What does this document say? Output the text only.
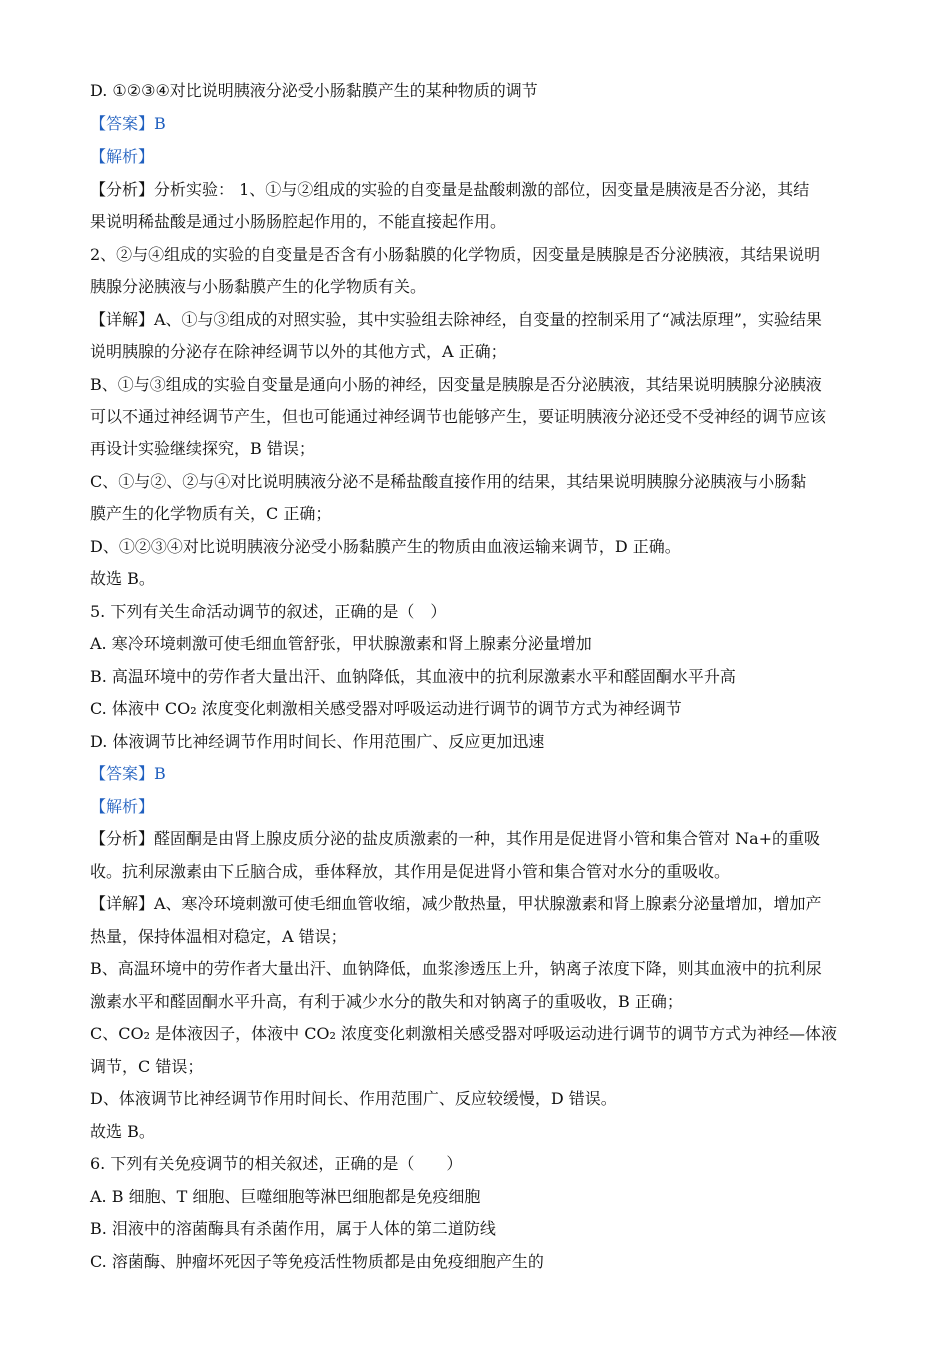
D. ①②③④对比说明胰液分泌受小肠黏膜产生的某种物质的调节
【答案】B
【解析】
【分析】分析实验： 1、①与②组成的实验的自变量是盐酸刺激的部位，因变量是胰液是否分泌，其结
果说明稀盐酸是通过小肠肠腔起作用的，不能直接起作用。
2、②与④组成的实验的自变量是否含有小肠黏膜的化学物质，因变量是胰腺是否分泌胰液，其结果说明
胰腺分泌胰液与小肠黏膜产生的化学物质有关。
【详解】A、①与③组成的对照实验，其中实验组去除神经，自变量的控制采用了“减法原理”，实验结果
说明胰腺的分泌存在除神经调节以外的其他方式，A 正确；
B、①与③组成的实验自变量是通向小肠的神经，因变量是胰腺是否分泌胰液，其结果说明胰腺分泌胰液
可以不通过神经调节产生，但也可能通过神经调节也能够产生，要证明胰液分泌还受不受神经的调节应该
再设计实验继续探究，B 错误；
C、①与②、②与④对比说明胰液分泌不是稀盐酸直接作用的结果，其结果说明胰腺分泌胰液与小肠黏
膜产生的化学物质有关，C 正确；
D、①②③④对比说明胰液分泌受小肠黏膜产生的物质由血液运输来调节，D 正确。
故选 B。
5. 下列有关生命活动调节的叙述，正确的是（　）
A. 寒冷环境刺激可使毛细血管舒张，甲状腺激素和肾上腺素分泌量增加
B. 高温环境中的劳作者大量出汗、血钠降低，其血液中的抗利尿激素水平和醛固酮水平升高
C. 体液中 CO₂ 浓度变化刺激相关感受器对呼吸运动进行调节的调节方式为神经调节
D. 体液调节比神经调节作用时间长、作用范围广、反应更加迅速
【答案】B
【解析】
【分析】醛固酮是由肾上腺皮质分泌的盐皮质激素的一种，其作用是促进肾小管和集合管对 Na+的重吸
收。抗利尿激素由下丘脑合成，垂体释放，其作用是促进肾小管和集合管对水分的重吸收。
【详解】A、寒冷环境刺激可使毛细血管收缩，减少散热量，甲状腺激素和肾上腺素分泌量增加，增加产
热量，保持体温相对稳定，A 错误；
B、高温环境中的劳作者大量出汗、血钠降低，血浆渗透压上升，钠离子浓度下降，则其血液中的抗利尿
激素水平和醛固酮水平升高，有利于减少水分的散失和对钠离子的重吸收，B 正确；
C、CO₂ 是体液因子，体液中 CO₂ 浓度变化刺激相关感受器对呼吸运动进行调节的调节方式为神经—体液
调节，C 错误；
D、体液调节比神经调节作用时间长、作用范围广、反应较缓慢，D 错误。
故选 B。
6. 下列有关免疫调节的相关叙述，正确的是（　　）
A. B 细胞、T 细胞、巨噬细胞等淋巴细胞都是免疫细胞
B. 泪液中的溶菌酶具有杀菌作用，属于人体的第二道防线
C. 溶菌酶、肿瘤坏死因子等免疫活性物质都是由免疫细胞产生的
